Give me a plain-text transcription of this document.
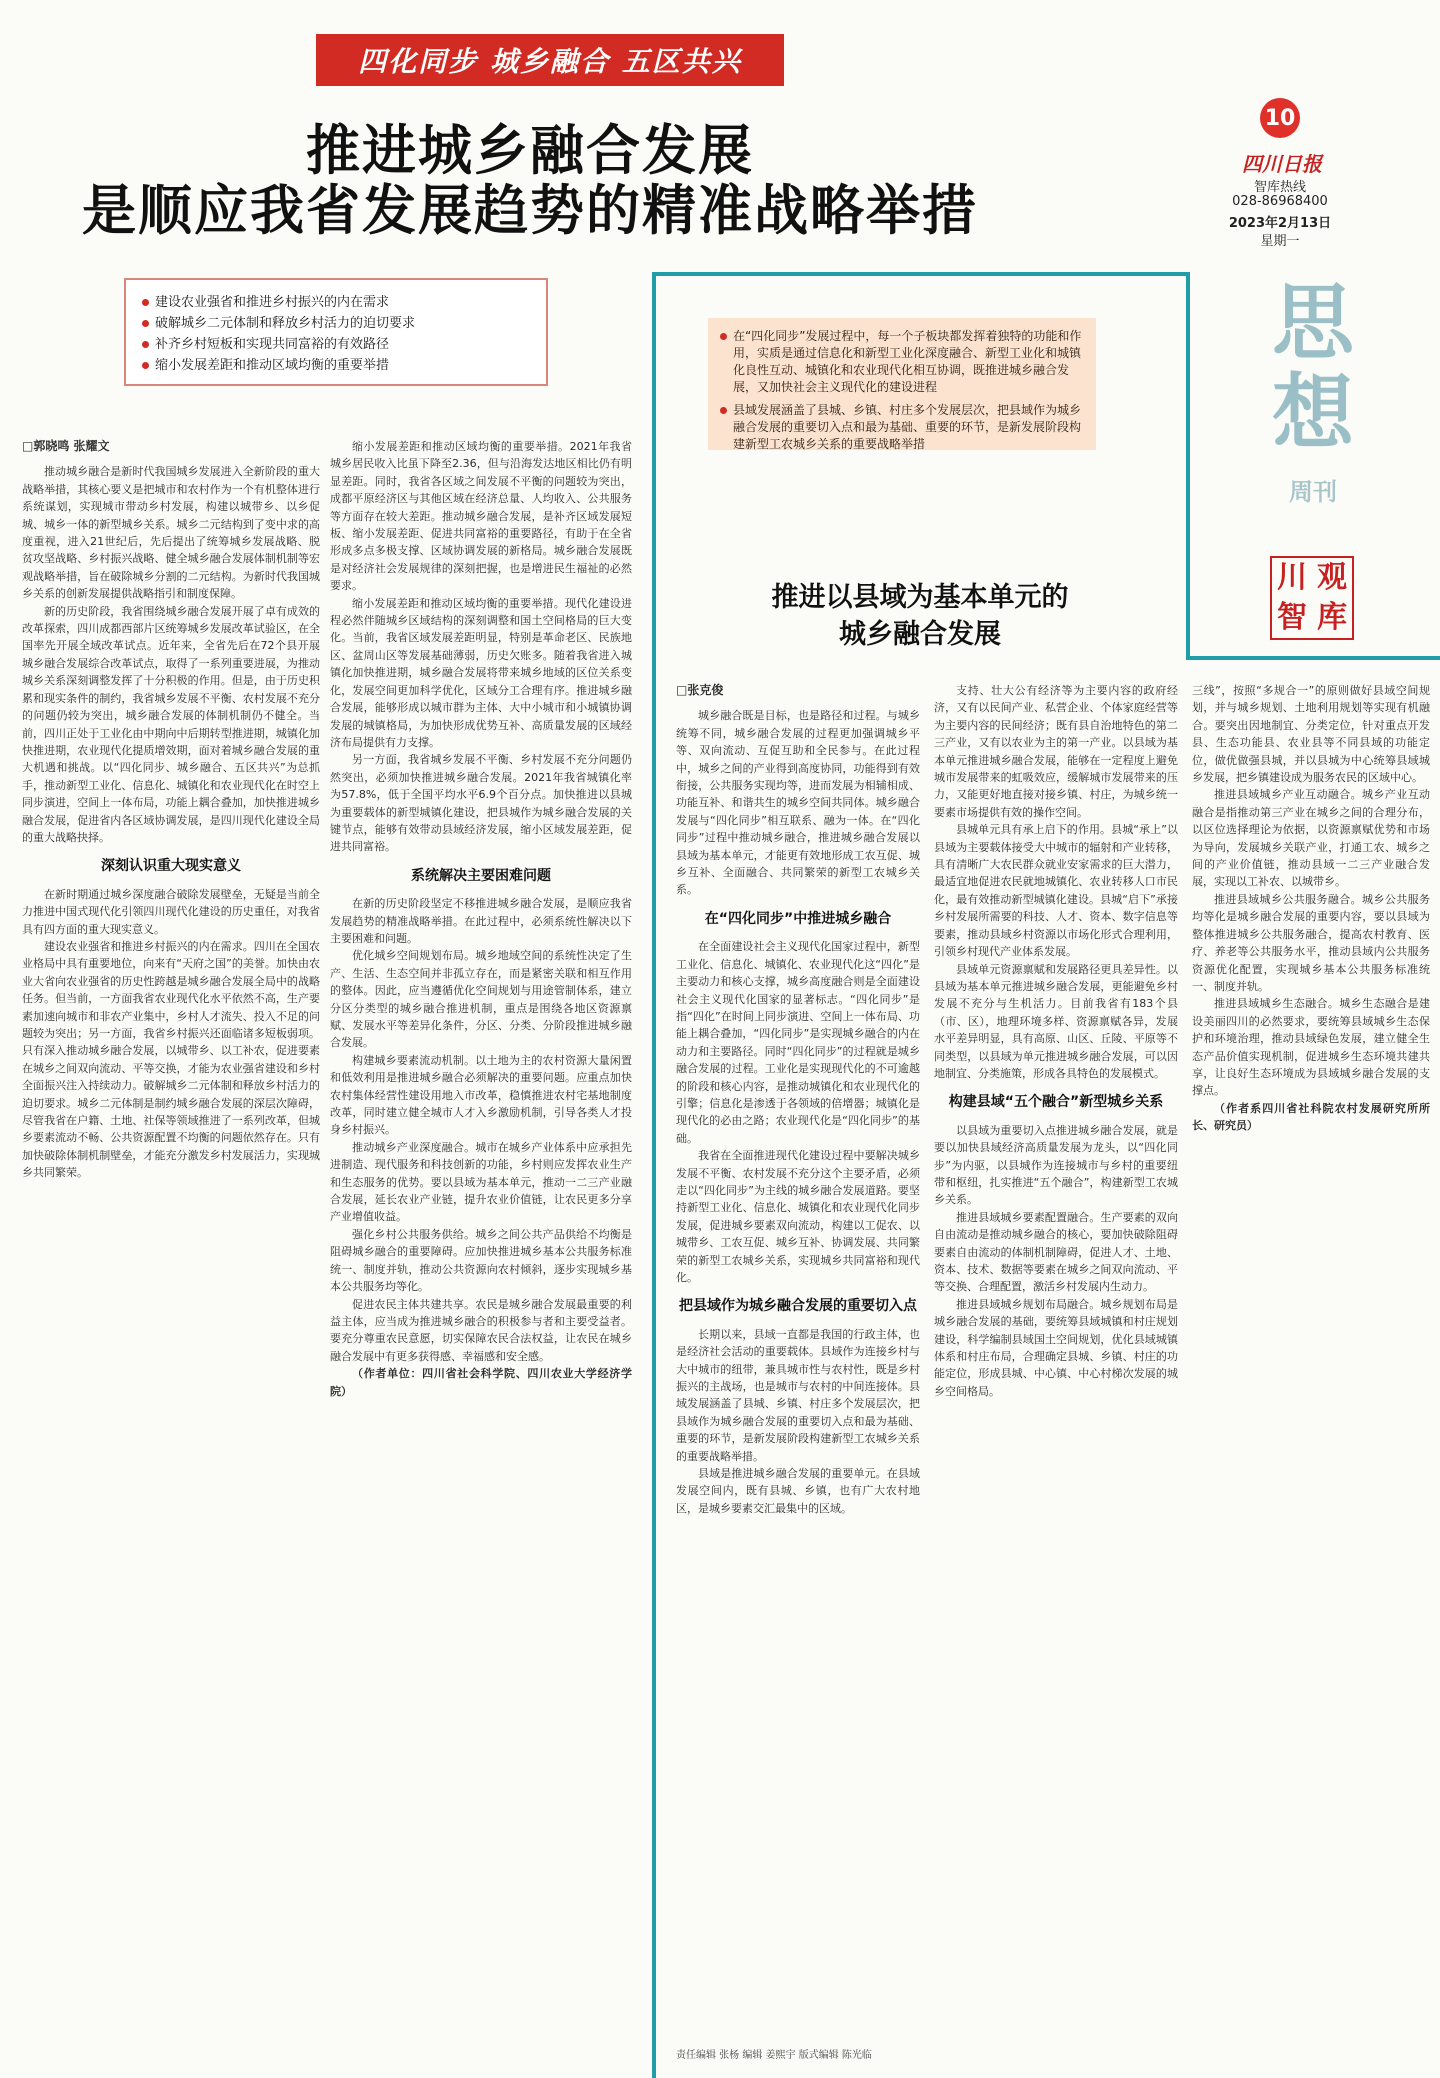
四化同步 城乡融合 五区共兴
推进城乡融合发展
是顺应我省发展趋势的精准战略举措
10
四川日报
智库热线
028-86968400
2023年2月13日
星期一
思想
周刊
川 观
智 库
建设农业强省和推进乡村振兴的内在需求
破解城乡二元体制和释放乡村活力的迫切要求
补齐乡村短板和实现共同富裕的有效路径
缩小发展差距和推动区域均衡的重要举措
□郭晓鸣 张耀文

推动城乡融合是新时代我国城乡发展进入全新阶段的重大战略举措，其核心要义是把城市和农村作为一个有机整体进行系统谋划，实现城市带动乡村发展，构建以城带乡、以乡促城、城乡一体的新型城乡关系。城乡二元结构到了变中求的高度重视，进入21世纪后，先后提出了统筹城乡发展战略、脱贫攻坚战略、乡村振兴战略、健全城乡融合发展体制机制等宏观战略举措，旨在破除城乡分割的二元结构。为新时代我国城乡关系的创新发展提供战略指引和制度保障。

新的历史阶段，我省围绕城乡融合发展开展了卓有成效的改革探索，四川成都西部片区统筹城乡发展改革试验区，在全国率先开展全域改革试点。近年来，全省先后在72个县开展城乡融合发展综合改革试点，取得了一系列重要进展，为推动城乡关系深刻调整发挥了十分积极的作用。但是，由于历史积累和现实条件的制约，我省城乡发展不平衡、农村发展不充分的问题仍较为突出，城乡融合发展的体制机制仍不健全。当前，四川正处于工业化由中期向中后期转型推进期，城镇化加快推进期，农业现代化提质增效期，面对着城乡融合发展的重大机遇和挑战。以“四化同步、城乡融合、五区共兴”为总抓手，推动新型工业化、信息化、城镇化和农业现代化在时空上同步演进，空间上一体布局，功能上耦合叠加，加快推进城乡融合发展，促进省内各区域协调发展，是四川现代化建设全局的重大战略抉择。

深刻认识重大现实意义

在新时期通过城乡深度融合破除发展壁垒，无疑是当前全力推进中国式现代化引领四川现代化建设的历史重任，对我省具有四方面的重大现实意义。

建设农业强省和推进乡村振兴的内在需求。四川在全国农业格局中具有重要地位，向来有“天府之国”的美誉。加快由农业大省向农业强省的历史性跨越是城乡融合发展全局中的战略任务。但当前，一方面我省农业现代化水平依然不高，生产要素加速向城市和非农产业集中，乡村人才流失、投入不足的问题较为突出；另一方面，我省乡村振兴还面临诸多短板弱项。只有深入推动城乡融合发展，以城带乡、以工补农，促进要素在城乡之间双向流动、平等交换，才能为农业强省建设和乡村全面振兴注入持续动力。破解城乡二元体制和释放乡村活力的迫切要求。城乡二元体制是制约城乡融合发展的深层次障碍，尽管我省在户籍、土地、社保等领域推进了一系列改革，但城乡要素流动不畅、公共资源配置不均衡的问题依然存在。只有加快破除体制机制壁垒，才能充分激发乡村发展活力，实现城乡共同繁荣。

缩小发展差距和推动区域均衡的重要举措。2021年我省城乡居民收入比虽下降至2.36，但与沿海发达地区相比仍有明显差距。同时，我省各区域之间发展不平衡的问题较为突出，成都平原经济区与其他区域在经济总量、人均收入、公共服务等方面存在较大差距。推动城乡融合发展，是补齐区域发展短板、缩小发展差距、促进共同富裕的重要路径，有助于在全省形成多点多极支撑、区域协调发展的新格局。城乡融合发展既是对经济社会发展规律的深刻把握，也是增进民生福祉的必然要求。

缩小发展差距和推动区域均衡的重要举措。现代化建设进程必然伴随城乡区域结构的深刻调整和国土空间格局的巨大变化。当前，我省区域发展差距明显，特别是革命老区、民族地区、盆周山区等发展基础薄弱，历史欠账多。随着我省进入城镇化加快推进期，城乡融合发展将带来城乡地域的区位关系变化，发展空间更加科学优化，区域分工合理有序。推进城乡融合发展，能够形成以城市群为主体、大中小城市和小城镇协调发展的城镇格局，为加快形成优势互补、高质量发展的区域经济布局提供有力支撑。

另一方面，我省城乡发展不平衡、乡村发展不充分问题仍然突出，必须加快推进城乡融合发展。2021年我省城镇化率为57.8%，低于全国平均水平6.9个百分点。加快推进以县城为重要载体的新型城镇化建设，把县城作为城乡融合发展的关键节点，能够有效带动县域经济发展，缩小区域发展差距，促进共同富裕。

系统解决主要困难问题

在新的历史阶段坚定不移推进城乡融合发展，是顺应我省发展趋势的精准战略举措。在此过程中，必须系统性解决以下主要困难和问题。

优化城乡空间规划布局。城乡地域空间的系统性决定了生产、生活、生态空间并非孤立存在，而是紧密关联和相互作用的整体。因此，应当遵循优化空间规划与用途管制体系，建立分区分类型的城乡融合推进机制，重点是围绕各地区资源禀赋、发展水平等差异化条件，分区、分类、分阶段推进城乡融合发展。

构建城乡要素流动机制。以土地为主的农村资源大量闲置和低效利用是推进城乡融合必须解决的重要问题。应重点加快农村集体经营性建设用地入市改革，稳慎推进农村宅基地制度改革，同时建立健全城市人才入乡激励机制，引导各类人才投身乡村振兴。

推动城乡产业深度融合。城市在城乡产业体系中应承担先进制造、现代服务和科技创新的功能，乡村则应发挥农业生产和生态服务的优势。要以县域为基本单元，推动一二三产业融合发展，延长农业产业链，提升农业价值链，让农民更多分享产业增值收益。

强化乡村公共服务供给。城乡之间公共产品供给不均衡是阻碍城乡融合的重要障碍。应加快推进城乡基本公共服务标准统一、制度并轨，推动公共资源向农村倾斜，逐步实现城乡基本公共服务均等化。

促进农民主体共建共享。农民是城乡融合发展最重要的利益主体，应当成为推进城乡融合的积极参与者和主要受益者。要充分尊重农民意愿，切实保障农民合法权益，让农民在城乡融合发展中有更多获得感、幸福感和安全感。

（作者单位：四川省社会科学院、四川农业大学经济学院）

在“四化同步”发展过程中，每一个子板块都发挥着独特的功能和作用，实质是通过信息化和新型工业化深度融合、新型工业化和城镇化良性互动、城镇化和农业现代化相互协调，既推进城乡融合发展，又加快社会主义现代化的建设进程
县域发展涵盖了县城、乡镇、村庄多个发展层次，把县域作为城乡融合发展的重要切入点和最为基础、重要的环节，是新发展阶段构建新型工农城乡关系的重要战略举措
推进以县域为基本单元的
城乡融合发展
□张克俊

城乡融合既是目标，也是路径和过程。与城乡统筹不同，城乡融合发展的过程更加强调城乡平等、双向流动、互促互助和全民参与。在此过程中，城乡之间的产业得到高度协同，功能得到有效衔接，公共服务实现均等，进而发展为相辅相成、功能互补、和谐共生的城乡空间共同体。城乡融合发展与“四化同步”相互联系、融为一体。在“四化同步”过程中推动城乡融合，推进城乡融合发展以县域为基本单元，才能更有效地形成工农互促、城乡互补、全面融合、共同繁荣的新型工农城乡关系。

在“四化同步”中推进城乡融合

在全面建设社会主义现代化国家过程中，新型工业化、信息化、城镇化、农业现代化这“四化”是主要动力和核心支撑，城乡高度融合则是全面建设社会主义现代化国家的显著标志。“四化同步”是指“四化”在时间上同步演进、空间上一体布局、功能上耦合叠加，“四化同步”是实现城乡融合的内在动力和主要路径。同时“四化同步”的过程就是城乡融合发展的过程。工业化是实现现代化的不可逾越的阶段和核心内容，是推动城镇化和农业现代化的引擎；信息化是渗透于各领域的倍增器；城镇化是现代化的必由之路；农业现代化是“四化同步”的基础。

我省在全面推进现代化建设过程中要解决城乡发展不平衡、农村发展不充分这个主要矛盾，必须走以“四化同步”为主线的城乡融合发展道路。要坚持新型工业化、信息化、城镇化和农业现代化同步发展，促进城乡要素双向流动，构建以工促农、以城带乡、工农互促、城乡互补、协调发展、共同繁荣的新型工农城乡关系，实现城乡共同富裕和现代化。

把县域作为城乡融合发展的重要切入点

长期以来，县域一直都是我国的行政主体，也是经济社会活动的重要载体。县域作为连接乡村与大中城市的纽带，兼具城市性与农村性，既是乡村振兴的主战场，也是城市与农村的中间连接体。县域发展涵盖了县城、乡镇、村庄多个发展层次，把县域作为城乡融合发展的重要切入点和最为基础、重要的环节，是新发展阶段构建新型工农城乡关系的重要战略举措。

县域是推进城乡融合发展的重要单元。在县域发展空间内，既有县城、乡镇，也有广大农村地区，是城乡要素交汇最集中的区域。

支持、壮大公有经济等为主要内容的政府经济，又有以民间产业、私营企业、个体家庭经营等为主要内容的民间经济；既有县自治地特色的第二三产业，又有以农业为主的第一产业。以县域为基本单元推进城乡融合发展，能够在一定程度上避免城市发展带来的虹吸效应，缓解城市发展带来的压力，又能更好地直接对接乡镇、村庄，为城乡统一要素市场提供有效的操作空间。

县城单元具有承上启下的作用。县城“承上”以县域为主要载体接受大中城市的辐射和产业转移，具有清晰广大农民群众就业安家需求的巨大潜力，最适宜地促进农民就地城镇化、农业转移人口市民化，最有效推动新型城镇化建设。县城“启下”承接乡村发展所需要的科技、人才、资本、数字信息等要素，推动县域乡村资源以市场化形式合理利用，引领乡村现代产业体系发展。

县域单元资源禀赋和发展路径更具差异性。以县域为基本单元推进城乡融合发展，更能避免乡村发展不充分与生机活力。目前我省有183个县（市、区），地理环境多样、资源禀赋各异，发展水平差异明显，具有高原、山区、丘陵、平原等不同类型，以县域为单元推进城乡融合发展，可以因地制宜、分类施策，形成各具特色的发展模式。

构建县域“五个融合”新型城乡关系

以县域为重要切入点推进城乡融合发展，就是要以加快县域经济高质量发展为龙头，以“四化同步”为内驱，以县城作为连接城市与乡村的重要纽带和枢纽，扎实推进“五个融合”，构建新型工农城乡关系。

推进县域城乡要素配置融合。生产要素的双向自由流动是推动城乡融合的核心，要加快破除阻碍要素自由流动的体制机制障碍，促进人才、土地、资本、技术、数据等要素在城乡之间双向流动、平等交换、合理配置，激活乡村发展内生动力。

推进县域城乡规划布局融合。城乡规划布局是城乡融合发展的基础，要统筹县域城镇和村庄规划建设，科学编制县域国土空间规划，优化县域城镇体系和村庄布局，合理确定县城、乡镇、村庄的功能定位，形成县城、中心镇、中心村梯次发展的城乡空间格局。

三线”，按照“多规合一”的原则做好县域空间规划，并与城乡规划、土地利用规划等实现有机融合。要突出因地制宜、分类定位，针对重点开发县、生态功能县、农业县等不同县域的功能定位，做优做强县城，并以县城为中心统筹县域城乡发展，把乡镇建设成为服务农民的区域中心。

推进县域城乡产业互动融合。城乡产业互动融合是指推动第三产业在城乡之间的合理分布，以区位选择理论为依据，以资源禀赋优势和市场为导向，发展城乡关联产业，打通工农、城乡之间的产业价值链，推动县域一二三产业融合发展，实现以工补农、以城带乡。

推进县域城乡公共服务融合。城乡公共服务均等化是城乡融合发展的重要内容，要以县域为整体推进城乡公共服务融合，提高农村教育、医疗、养老等公共服务水平，推动县域内公共服务资源优化配置，实现城乡基本公共服务标准统一、制度并轨。

推进县域城乡生态融合。城乡生态融合是建设美丽四川的必然要求，要统筹县域城乡生态保护和环境治理，推动县域绿色发展，建立健全生态产品价值实现机制，促进城乡生态环境共建共享，让良好生态环境成为县域城乡融合发展的支撑点。

（作者系四川省社科院农村发展研究所所长、研究员）

责任编辑 张杨 编辑 姜熙宇 版式编辑 陈光临
